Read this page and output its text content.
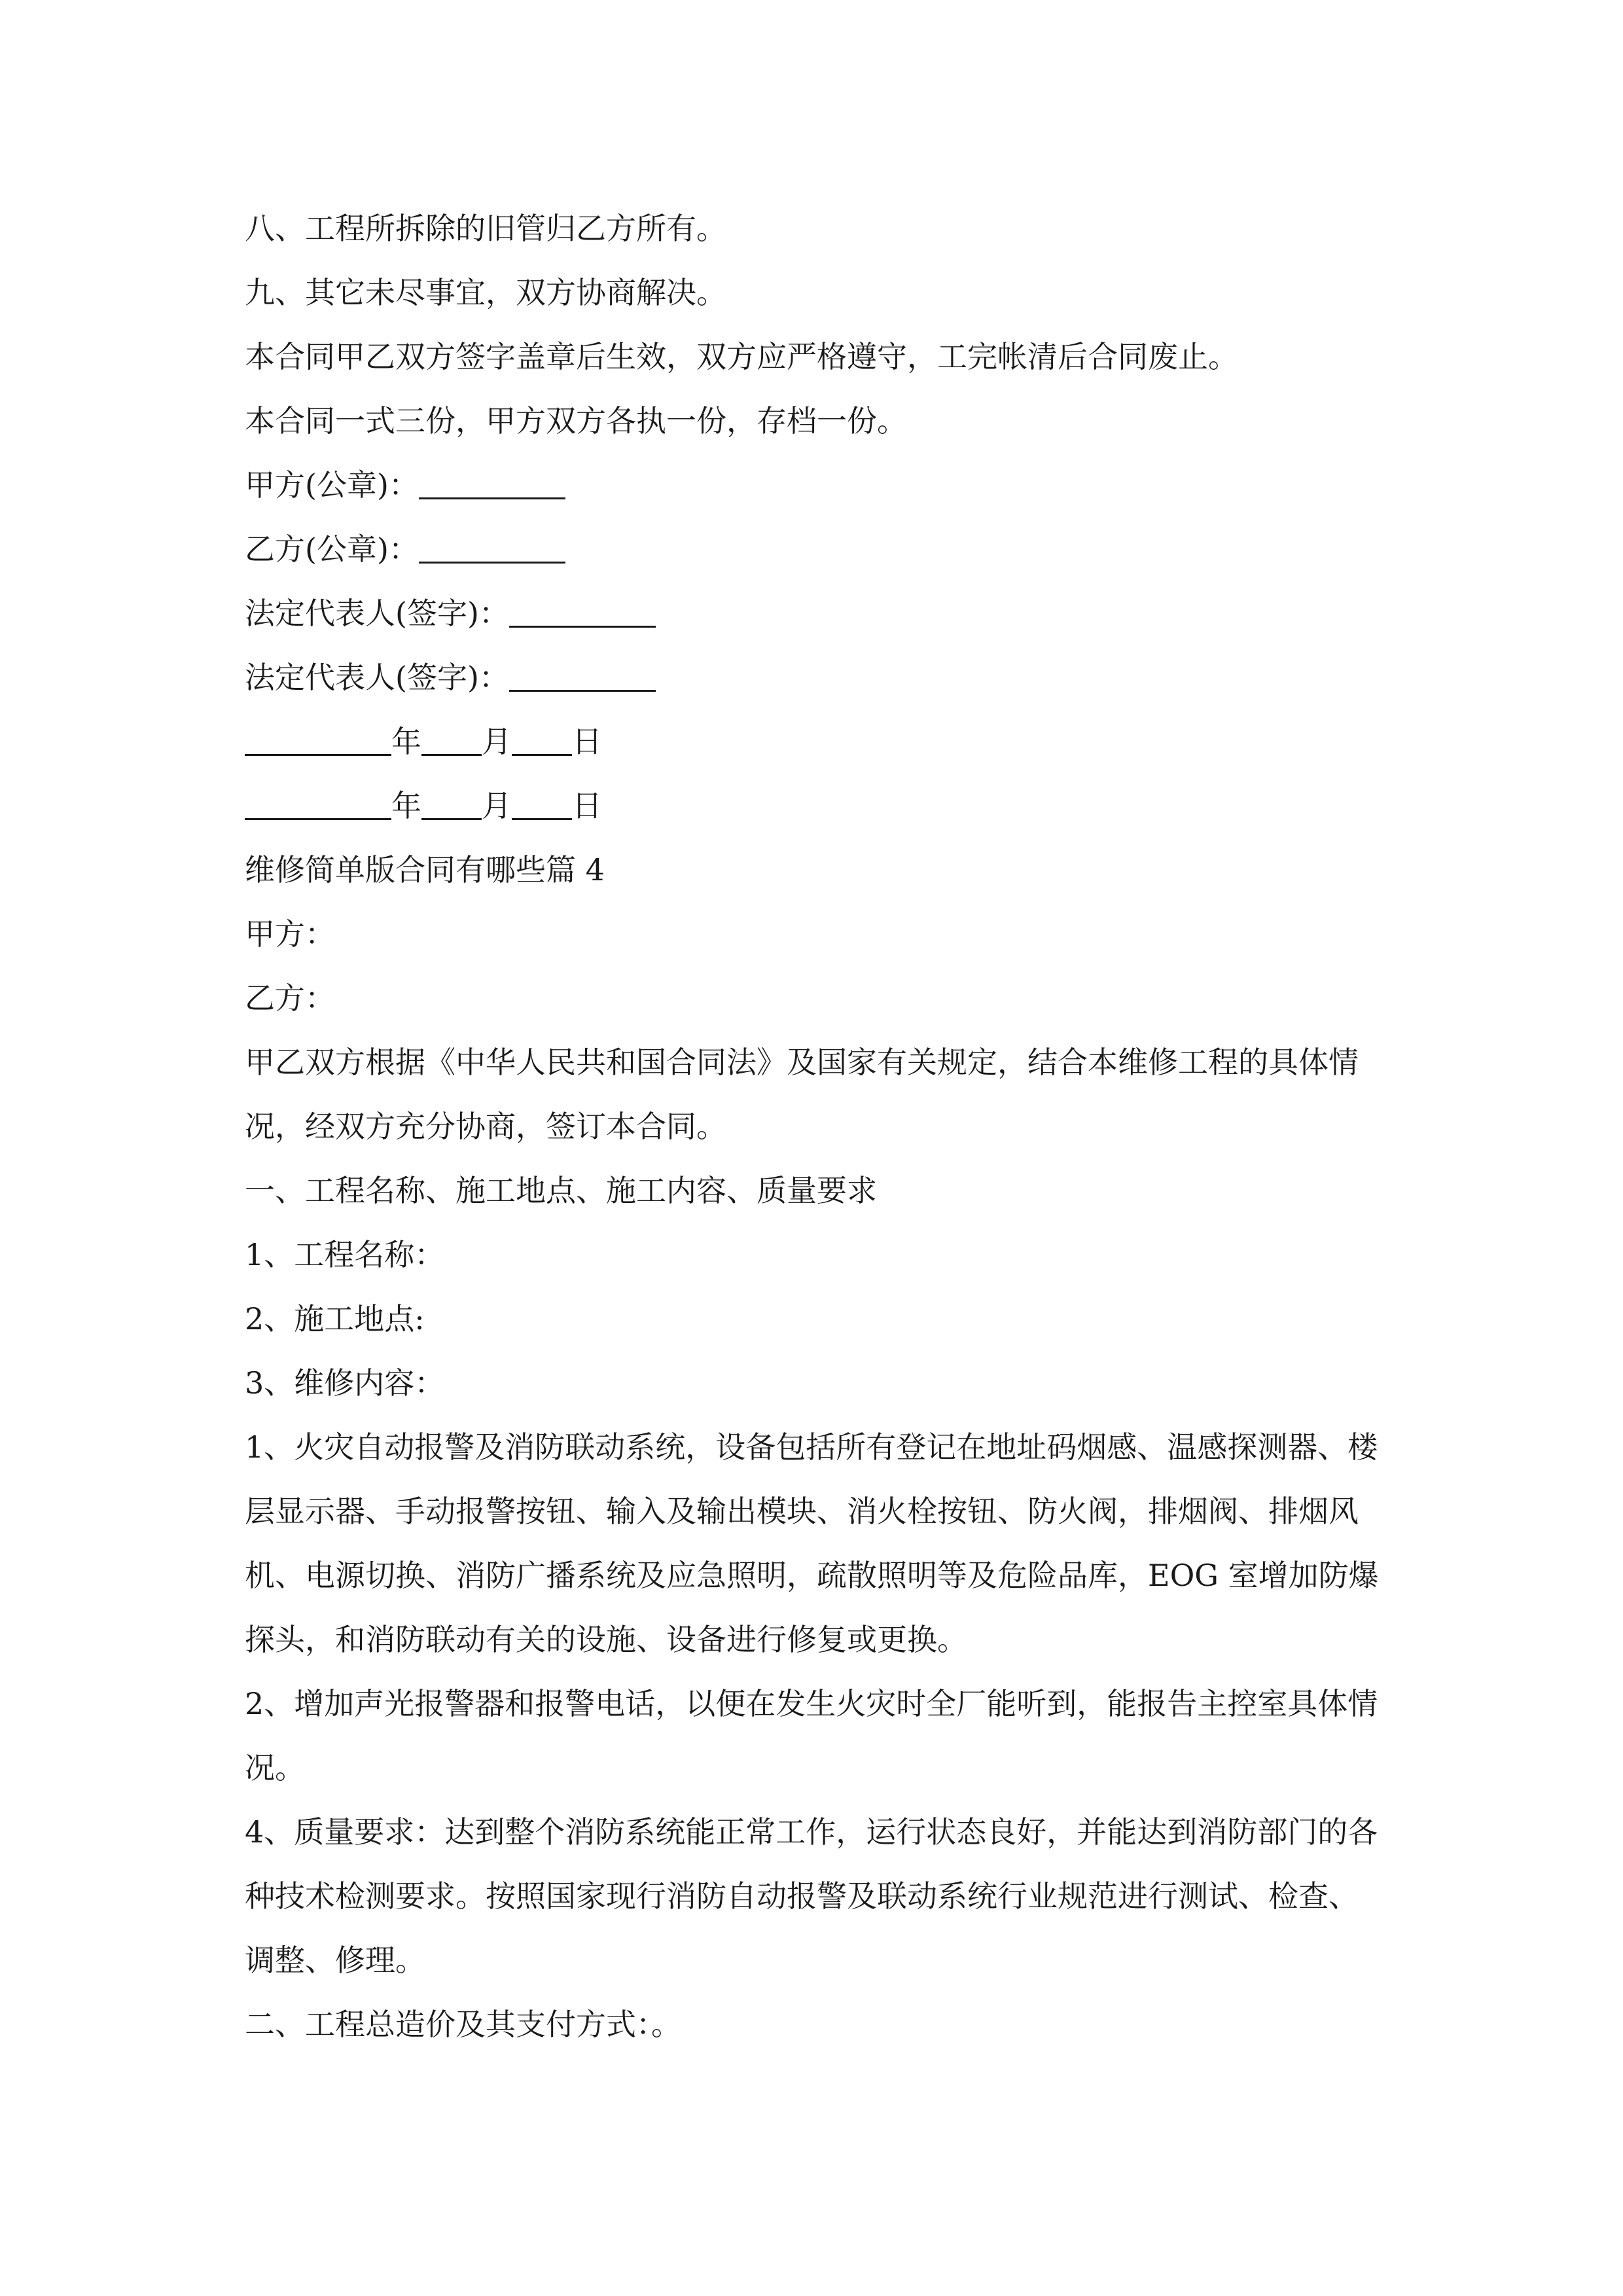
八、工程所拆除的旧管归乙方所有。
九、其它未尽事宜，双方协商解决。
本合同甲乙双方签字盖章后生效，双方应严格遵守，工完帐清后合同废止。
本合同一式三份，甲方双方各执一份，存档一份。
甲方(公章)：
乙方(公章)：
法定代表人(签字)：
法定代表人(签字)：
年 月 日
年 月 日
维修简单版合同有哪些篇 4
甲方：
乙方：
甲乙双方根据《中华人民共和国合同法》及国家有关规定，结合本维修工程的具体情况，经双方充分协商，签订本合同。
一、工程名称、施工地点、施工内容、质量要求
1、工程名称：
2、施工地点:
3、维修内容：
1、火灾自动报警及消防联动系统，设备包括所有登记在地址码烟感、温感探测器、楼层显示器、手动报警按钮、输入及输出模块、消火栓按钮、防火阀，排烟阀、排烟风机、电源切换、消防广播系统及应急照明，疏散照明等及危险品库，EOG 室增加防爆探头，和消防联动有关的设施、设备进行修复或更换。
2、增加声光报警器和报警电话，以便在发生火灾时全厂能听到，能报告主控室具体情况。
4、质量要求：达到整个消防系统能正常工作，运行状态良好，并能达到消防部门的各种技术检测要求。按照国家现行消防自动报警及联动系统行业规范进行测试、检查、调整、修理。
二、工程总造价及其支付方式：。
